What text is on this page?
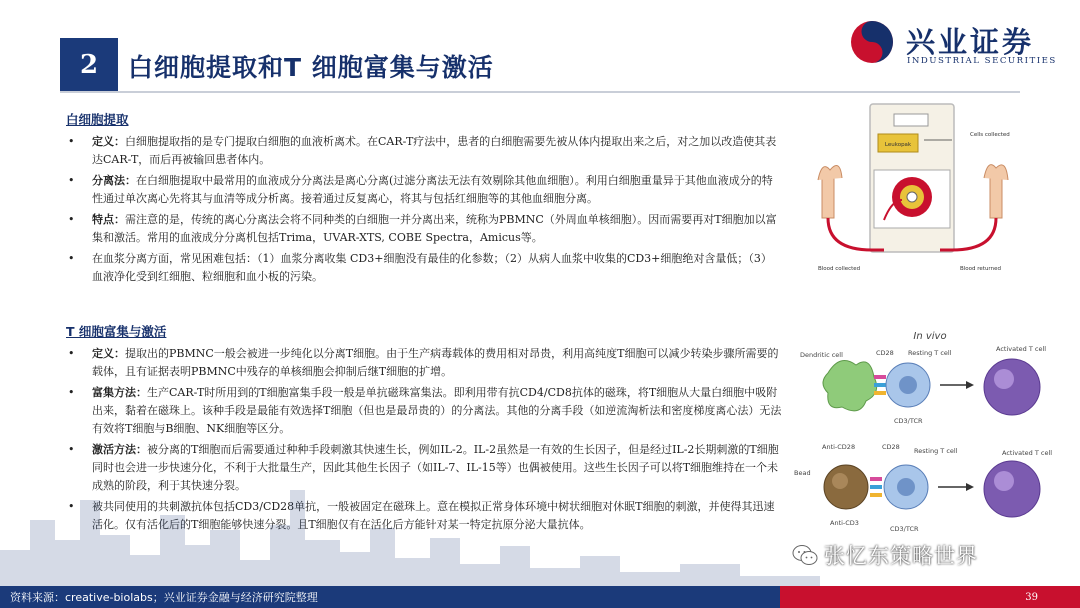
2	白细胞提取和T 细胞富集与激活
兴业证券
INDUSTRIAL SECURITIES
白细胞提取
• 定义：白细胞提取指的是专门提取白细胞的血液析离术。在CAR-T疗法中，患者的白细胞需要先被从体内提取出来之后，对之加以改造使其表达CAR-T，而后再被输回患者体内。
• 分离法：在白细胞提取中最常用的血液成分分离法是离心分离(过滤分离法无法有效剔除其他血细胞）。利用白细胞重量异于其他血液成分的特性通过单次离心先将其与血清等成分析离。接着通过反复离心，将其与包括红细胞等的其他血细胞分离。
• 特点：需注意的是，传统的离心分离法会将不同种类的白细胞一并分离出来，统称为PBMNC（外周血单核细胞）。因而需要再对T细胞加以富集和激活。常用的血液成分分离机包括Trima，UVAR-XTS, COBE Spectra，Amicus等。
• 在血浆分离方面，常见困难包括：（1）血浆分离收集 CD3+细胞没有最佳的化参数；（2）从病人血浆中收集的CD3+细胞绝对含量低；（3）血液净化受到红细胞、粒细胞和血小板的污染。
T 细胞富集与激活
• 定义：提取出的PBMNC一般会被进一步纯化以分离T细胞。由于生产病毒载体的费用相对昂贵，利用高纯度T细胞可以减少转染步骤所需要的载体，且有证据表明PBMNC中残存的单核细胞会抑制后继T细胞的扩增。
• 富集方法：生产CAR-T时所用到的T细胞富集手段一般是单抗磁珠富集法。即利用带有抗CD4/CD8抗体的磁珠，将T细胞从大量白细胞中吸附出来，黏着在磁珠上。该种手段是最能有效选择T细胞（但也是最昂贵的）的分离法。其他的分离手段（如逆流淘析法和密度梯度离心法）无法有效将T细胞与B细胞、NK细胞等区分。
• 激活方法：被分离的T细胞而后需要通过种种手段刺激其快速生长，例如IL-2。IL-2虽然是一有效的生长因子，但是经过IL-2长期刺激的T细胞同时也会进一步快速分化，不利于大批量生产，因此其他生长因子（如IL-7、IL-15等）也偶被使用。这些生长因子可以将T细胞维持在一个未成熟的阶段，利于其快速分裂。
• 被共同使用的共刺激抗体包括CD3/CD28单抗，一般被固定在磁珠上。意在模拟正常身体环境中树状细胞对休眠T细胞的刺激，并使得其迅速活化。仅有活化后的T细胞能够快速分裂。且T细胞仅有在活化后方能针对某一特定抗原分泌大量抗体。
Leukopak
Cells collected
Blood collected	Blood returned
In vivo
Dendritic cell	CD28 Resting T cell
CD3/TCR
Activated T cell
Anti-CD28
Bead
CD28 Resting T cell
Anti-CD3
CD3/TCR
Activated T cell
资料来源：creative-biolabs；兴业证券金融与经济研究院整理	39
张忆东策略世界
